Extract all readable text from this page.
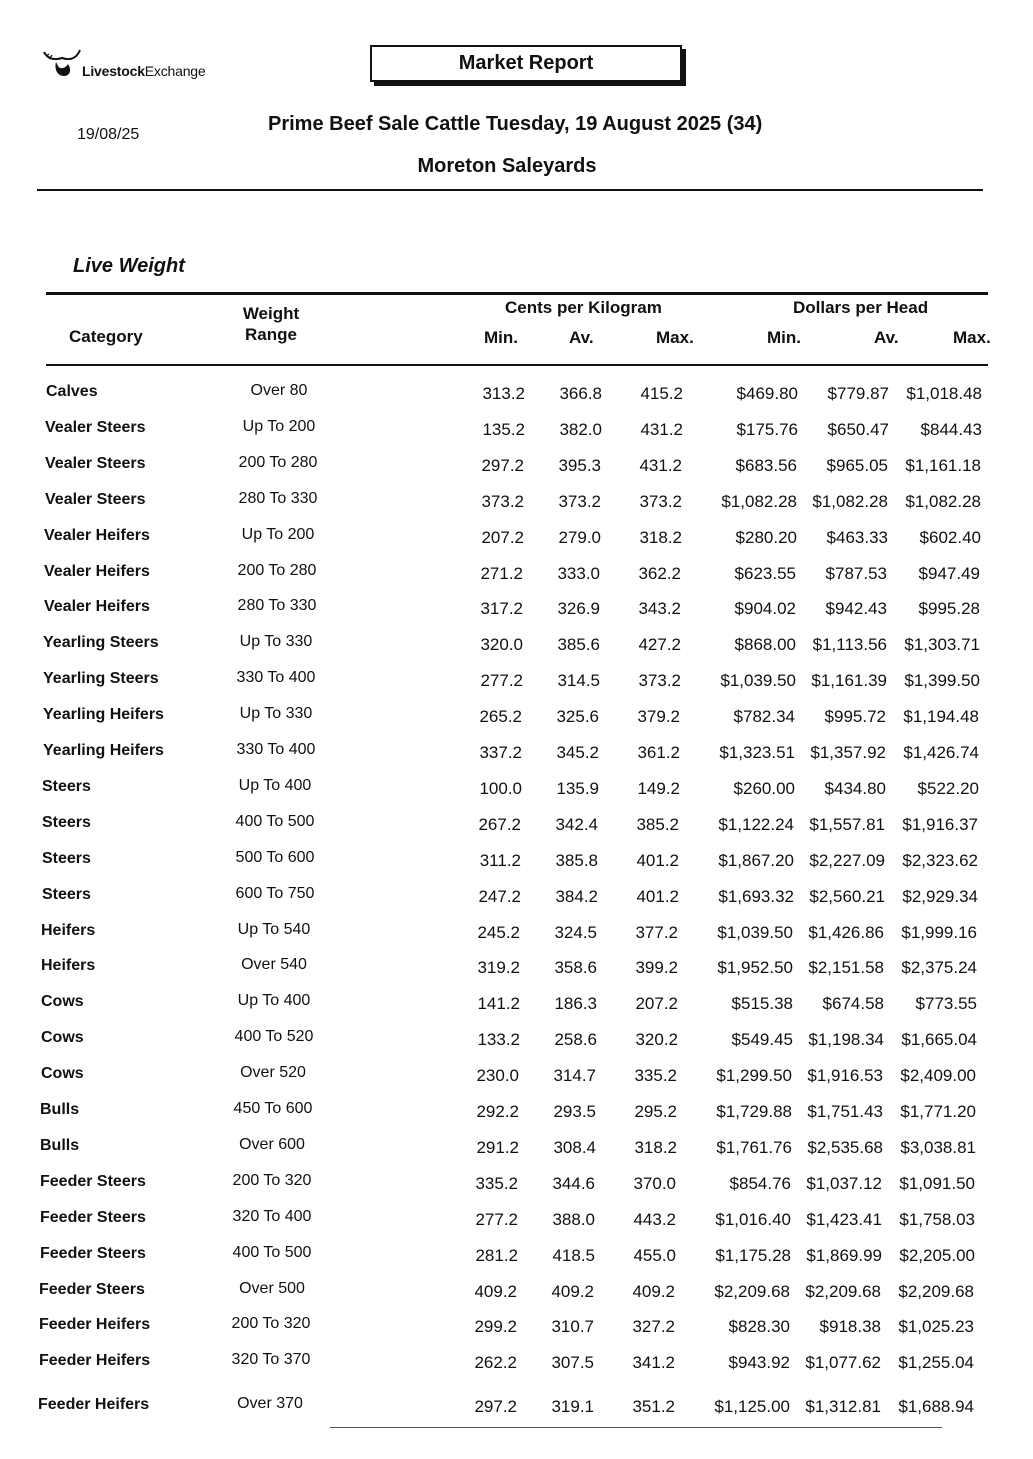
LivestockExchange	Market Report
19/08/25	Prime Beef Sale Cattle Tuesday, 19 August 2025 (34)
Moreton Saleyards
Live Weight
Category
Weight
Range
Cents per Kilogram	Dollars per Head
Min.	Av.	Max.	Min.	Av.	Max.
Calves	Over 80	313.2 366.8 415.2	$469.80 $779.87 $1,018.48
Vealer Steers	Up To 200	135.2 382.0 431.2	$175.76 $650.47 $844.43
Vealer Steers	200 To 280	297.2 395.3 431.2	$683.56 $965.05 $1,161.18
Vealer Steers	280 To 330	373.2 373.2 373.2 $1,082.28 $1,082.28 $1,082.28
Vealer Heifers	Up To 200	207.2 279.0 318.2	$280.20 $463.33 $602.40
Vealer Heifers	200 To 280	271.2 333.0 362.2	$623.55 $787.53 $947.49
Vealer Heifers	280 To 330	317.2 326.9 343.2	$904.02 $942.43 $995.28
Yearling Steers	Up To 330	320.0 385.6 427.2	$868.00 $1,113.56 $1,303.71
Yearling Steers	330 To 400	277.2 314.5 373.2 $1,039.50 $1,161.39 $1,399.50
Yearling Heifers	Up To 330	265.2 325.6 379.2	$782.34 $995.72 $1,194.48
Yearling Heifers	330 To 400	337.2 345.2 361.2 $1,323.51 $1,357.92 $1,426.74
Steers	Up To 400	100.0 135.9 149.2	$260.00 $434.80 $522.20
Steers	400 To 500	267.2 342.4 385.2 $1,122.24 $1,557.81 $1,916.37
Steers	500 To 600	311.2 385.8 401.2 $1,867.20 $2,227.09 $2,323.62
Steers	600 To 750	247.2 384.2 401.2 $1,693.32 $2,560.21 $2,929.34
Heifers	Up To 540	245.2 324.5 377.2 $1,039.50 $1,426.86 $1,999.16
Heifers	Over 540	319.2 358.6 399.2 $1,952.50 $2,151.58 $2,375.24
Cows	Up To 400	141.2 186.3 207.2	$515.38 $674.58 $773.55
Cows	400 To 520	133.2 258.6 320.2	$549.45 $1,198.34 $1,665.04
Cows	Over 520	230.0 314.7 335.2 $1,299.50 $1,916.53 $2,409.00
Bulls	450 To 600	292.2 293.5 295.2 $1,729.88 $1,751.43 $1,771.20
Bulls	Over 600	291.2 308.4 318.2 $1,761.76 $2,535.68 $3,038.81
Feeder Steers	200 To 320	335.2 344.6 370.0	$854.76 $1,037.12 $1,091.50
Feeder Steers	320 To 400	277.2 388.0 443.2 $1,016.40 $1,423.41 $1,758.03
Feeder Steers	400 To 500	281.2 418.5 455.0 $1,175.28 $1,869.99 $2,205.00
Feeder Steers	Over 500	409.2 409.2 409.2 $2,209.68 $2,209.68 $2,209.68
Feeder Heifers	200 To 320	299.2 310.7 327.2	$828.30 $918.38 $1,025.23
Feeder Heifers	320 To 370	262.2 307.5 341.2	$943.92 $1,077.62 $1,255.04
Feeder Heifers	Over 370	297.2 319.1 351.2 $1,125.00 $1,312.81 $1,688.94
